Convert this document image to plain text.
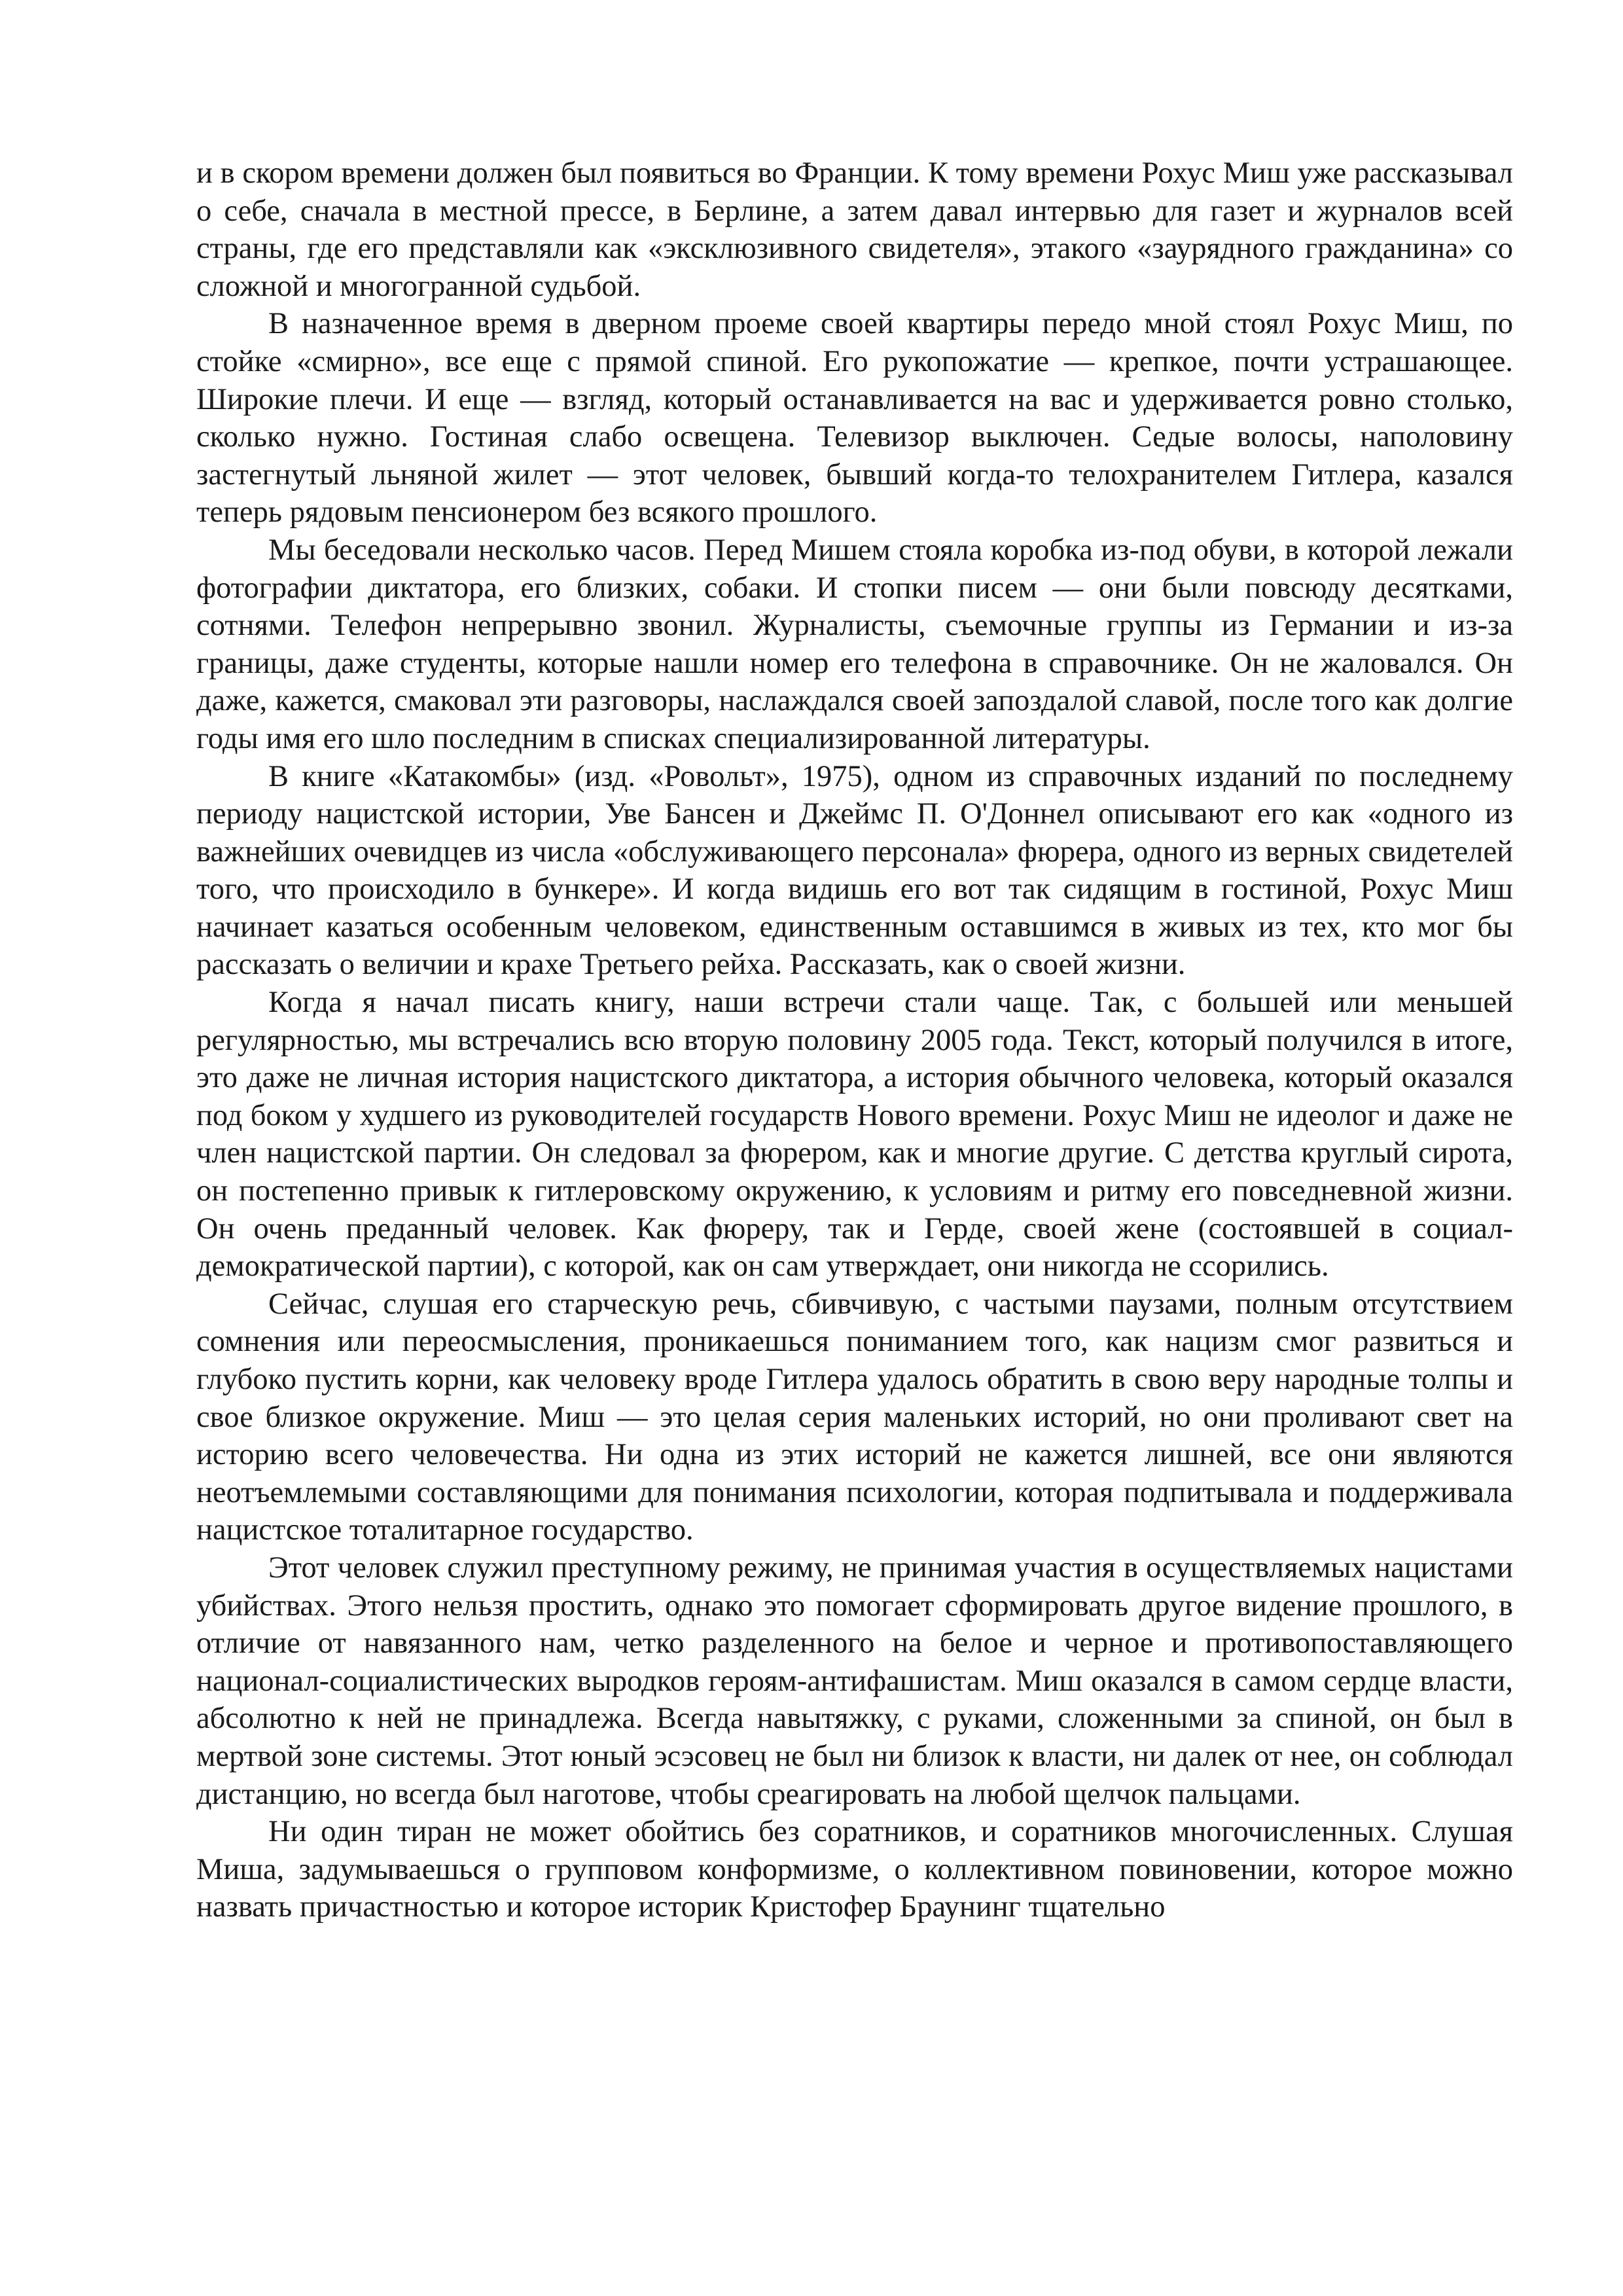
и в скором времени должен был появиться во Франции. К тому времени Рохус Миш уже рассказывал о себе, сначала в местной прессе, в Берлине, а затем давал интервью для газет и журналов всей страны, где его представляли как «эксклюзивного свидетеля», этакого «заурядного гражданина» со сложной и многогранной судьбой.

В назначенное время в дверном проеме своей квартиры передо мной стоял Рохус Миш, по стойке «смирно», все еще с прямой спиной. Его рукопожатие — крепкое, почти устрашающее. Широкие плечи. И еще — взгляд, который останавливается на вас и удерживается ровно столько, сколько нужно. Гостиная слабо освещена. Телевизор выключен. Седые волосы, наполовину застегнутый льняной жилет — этот человек, бывший когда-то телохранителем Гитлера, казался теперь рядовым пенсионером без всякого прошлого.

Мы беседовали несколько часов. Перед Мишем стояла коробка из-под обуви, в которой лежали фотографии диктатора, его близких, собаки. И стопки писем — они были повсюду десятками, сотнями. Телефон непрерывно звонил. Журналисты, съемочные группы из Германии и из-за границы, даже студенты, которые нашли номер его телефона в справочнике. Он не жаловался. Он даже, кажется, смаковал эти разговоры, наслаждался своей запоздалой славой, после того как долгие годы имя его шло последним в списках специализированной литературы.

В книге «Катакомбы» (изд. «Ровольт», 1975), одном из справочных изданий по последнему периоду нацистской истории, Уве Бансен и Джеймс П. О'Доннел описывают его как «одного из важнейших очевидцев из числа «обслуживающего персонала» фюрера, одного из верных свидетелей того, что происходило в бункере». И когда видишь его вот так сидящим в гостиной, Рохус Миш начинает казаться особенным человеком, единственным оставшимся в живых из тех, кто мог бы рассказать о величии и крахе Третьего рейха. Рассказать, как о своей жизни.

Когда я начал писать книгу, наши встречи стали чаще. Так, с большей или меньшей регулярностью, мы встречались всю вторую половину 2005 года. Текст, который получился в итоге, это даже не личная история нацистского диктатора, а история обычного человека, который оказался под боком у худшего из руководителей государств Нового времени. Рохус Миш не идеолог и даже не член нацистской партии. Он следовал за фюрером, как и многие другие. С детства круглый сирота, он постепенно привык к гитлеровскому окружению, к условиям и ритму его повседневной жизни. Он очень преданный человек. Как фюреру, так и Герде, своей жене (состоявшей в социал-демократической партии), с которой, как он сам утверждает, они никогда не ссорились.

Сейчас, слушая его старческую речь, сбивчивую, с частыми паузами, полным отсутствием сомнения или переосмысления, проникаешься пониманием того, как нацизм смог развиться и глубоко пустить корни, как человеку вроде Гитлера удалось обратить в свою веру народные толпы и свое близкое окружение. Миш — это целая серия маленьких историй, но они проливают свет на историю всего человечества. Ни одна из этих историй не кажется лишней, все они являются неотъемлемыми составляющими для понимания психологии, которая подпитывала и поддерживала нацистское тоталитарное государство.

Этот человек служил преступному режиму, не принимая участия в осуществляемых нацистами убийствах. Этого нельзя простить, однако это помогает сформировать другое видение прошлого, в отличие от навязанного нам, четко разделенного на белое и черное и противопоставляющего национал-социалистических выродков героям-антифашистам. Миш оказался в самом сердце власти, абсолютно к ней не принадлежа. Всегда навытяжку, с руками, сложенными за спиной, он был в мертвой зоне системы. Этот юный эсэсовец не был ни близок к власти, ни далек от нее, он соблюдал дистанцию, но всегда был наготове, чтобы среагировать на любой щелчок пальцами.

Ни один тиран не может обойтись без соратников, и соратников многочисленных. Слушая Миша, задумываешься о групповом конформизме, о коллективном повиновении, которое можно назвать причастностью и которое историк Кристофер Браунинг тщательно
